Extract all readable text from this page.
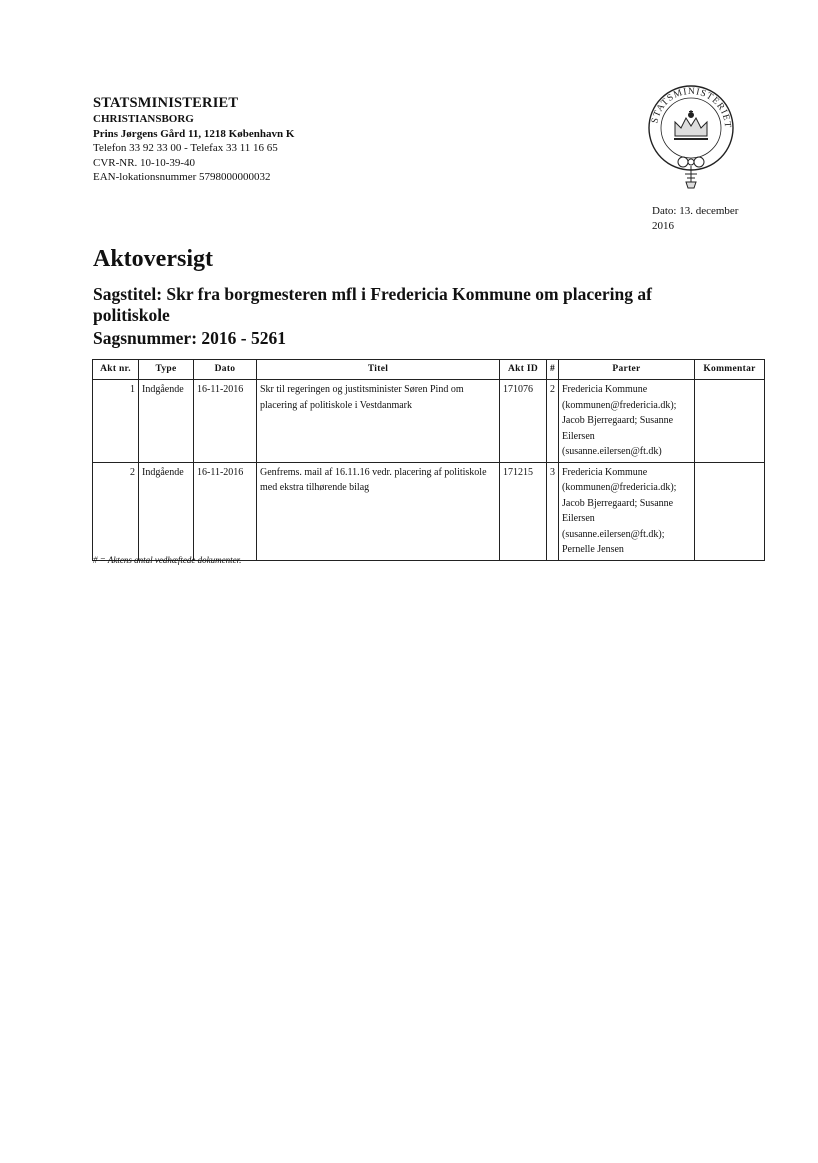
STATSMINISTERIET
CHRISTIANSBORG
Prins Jørgens Gård 11, 1218 København K
Telefon 33 92 33 00 - Telefax 33 11 16 65
CVR-NR. 10-10-39-40
EAN-lokationsnummer 5798000000032
STATSMINISTERIET
Dato: 13. december
2016
Aktoversigt
Sagstitel: Skr fra borgmesteren mfl i Fredericia Kommune om placering af politiskole
Sagsnummer: 2016 - 5261
Akt nr.	Type	Dato	Titel	Akt ID	#	Parter	Kommentar
1	Indgående	16-11-2016	Skr til regeringen og justitsminister Søren Pind om placering af politiskole i Vestdanmark	171076	2	Fredericia Kommune (kommunen@fredericia.dk); Jacob Bjerregaard; Susanne Eilersen (susanne.eilersen@ft.dk)	
2	Indgående	16-11-2016	Genfrems. mail af 16.11.16 vedr. placering af politiskole med ekstra tilhørende bilag	171215	3	Fredericia Kommune (kommunen@fredericia.dk); Jacob Bjerregaard; Susanne Eilersen (susanne.eilersen@ft.dk); Pernelle Jensen	
# = Aktens antal vedhæftede dokumenter.
